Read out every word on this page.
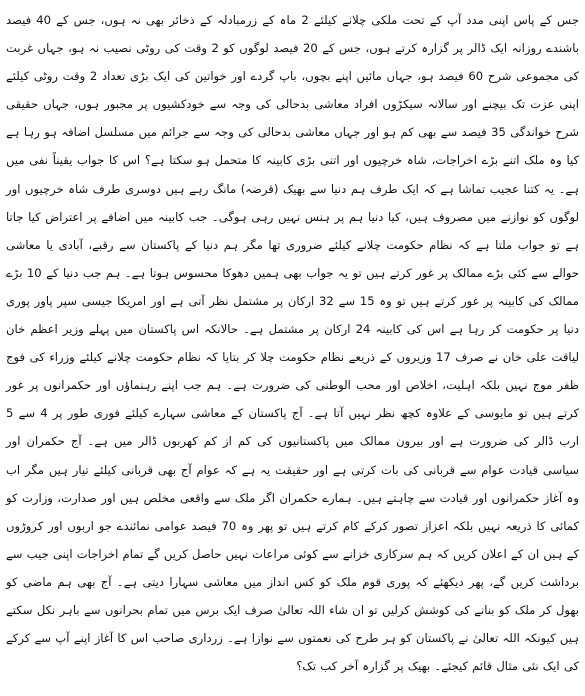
جس کے پاس اپنی مدد آپ کے تحت ملکی چلانے کیلئے 2 ماہ کے زرمبادلہ کے ذخائر بھی نہ ہوں، جس کے 40 فیصد باشندے روزانہ ایک ڈالر پر گزارہ کرتے ہوں، جس کے 20 فیصد لوگوں کو 2 وقت کی روٹی نصیب نہ ہو، جہاں غربت کی مجموعی شرح 60 فیصد ہو، جہاں مائیں اپنے بچوں، باپ گردے اور خواتین کی ایک بڑی تعداد 2 وقت روٹی کیلئے اپنی عزت تک بیچنے اور سالانہ سیکڑوں افراد معاشی بدحالی کی وجہ سے خودکشیوں پر مجبور ہوں، جہاں حقیقی شرح خواندگی 35 فیصد سے بھی کم ہو اور جہاں معاشی بدحالی کی وجہ سے جرائم میں مسلسل اضافہ ہو رہا ہے کیا وہ ملک اتنے بڑے اخراجات، شاہ خرچیوں اور اتنی بڑی کابینہ کا متحمل ہو سکتا ہے؟ اس کا جواب یقیناً نفی میں ہے۔ یہ کتنا عجیب تماشا ہے کہ ایک طرف ہم دنیا سے بھیک (قرضہ) مانگ رہے ہیں دوسری طرف شاہ خرچیوں اور لوگوں کو نوازنے میں مصروف ہیں، کیا دنیا ہم پر ہنس نہیں رہی ہوگی۔ جب کابینہ میں اضافے پر اعتراض کیا جاتا ہے تو جواب ملتا ہے کہ نظام حکومت چلانے کیلئے ضروری تھا مگر ہم دنیا کے پاکستان سے رقبے، آبادی یا معاشی حوالے سے کئی بڑے ممالک پر غور کرتے ہیں تو یہ جواب بھی ہمیں دھوکا محسوس ہوتا ہے۔ ہم جب دنیا کے 10 بڑے ممالک کی کابینہ پر غور کرتے ہیں تو وہ 15 سے 32 ارکان پر مشتمل نظر آتی ہے اور امریکا جیسی سپر پاور پوری دنیا پر حکومت کر رہا ہے اس کی کابینہ 24 ارکان پر مشتمل ہے۔ حالانکہ اس پاکستان میں پہلے وزیر اعظم خان لیاقت علی خان نے صرف 17 وزیروں کے ذریعے نظام حکومت چلا کر بتایا کہ نظام حکومت چلانے کیلئے وزراء کی فوج ظفر موج نہیں بلکہ اہلیت، اخلاص اور محب الوطنی کی ضرورت ہے۔ ہم جب اپنے رہنماؤں اور حکمرانوں پر غور کرتے ہیں تو مایوسی کے علاوہ کچھ نظر نہیں آتا ہے۔ آج پاکستان کے معاشی سہارے کیلئے فوری طور پر 4 سے 5 ارب ڈالر کی ضرورت ہے اور بیرون ممالک میں پاکستانیوں کی کم از کم کھربوں ڈالر میں ہے۔ آج حکمران اور سیاسی قیادت عوام سے قربانی کی بات کرتی ہے اور حقیقت یہ ہے کہ عوام آج بھی قربانی کیلئے تیار ہیں مگر اب وہ آغاز حکمرانوں اور قیادت سے چاہتے ہیں۔ ہمارے حکمران اگر ملک سے واقعی مخلص ہیں اور صدارت، وزارت کو کمائی کا ذریعہ نہیں بلکہ اعزاز تصور کرکے کام کرتے ہیں تو پھر وہ 70 فیصد عوامی نمائندے جو اربوں اور کروڑوں کے ہیں ان کے اعلان کریں کہ ہم سرکاری خزانے سے کوئی مراعات نہیں حاصل کریں گے تمام اخراجات اپنی جیب سے برداشت کریں گے، پھر دیکھئے کہ پوری قوم ملک کو کس انداز میں معاشی سہارا دیتی ہے۔ آج بھی ہم ماضی کو بھول کر ملک کو بنانے کی کوشش کرلیں تو ان شاء اللہ تعالیٰ صرف ایک برس میں تمام بحرانوں سے باہر نکل سکتے ہیں کیونکہ اللہ تعالیٰ نے پاکستان کو ہر طرح کی نعمتوں سے نوازا ہے۔ زرداری صاحب اس کا آغاز اپنے آپ سے کرکے کی ایک نئی مثال قائم کیجئے۔ بھیک پر گزارہ آخر کب تک؟
